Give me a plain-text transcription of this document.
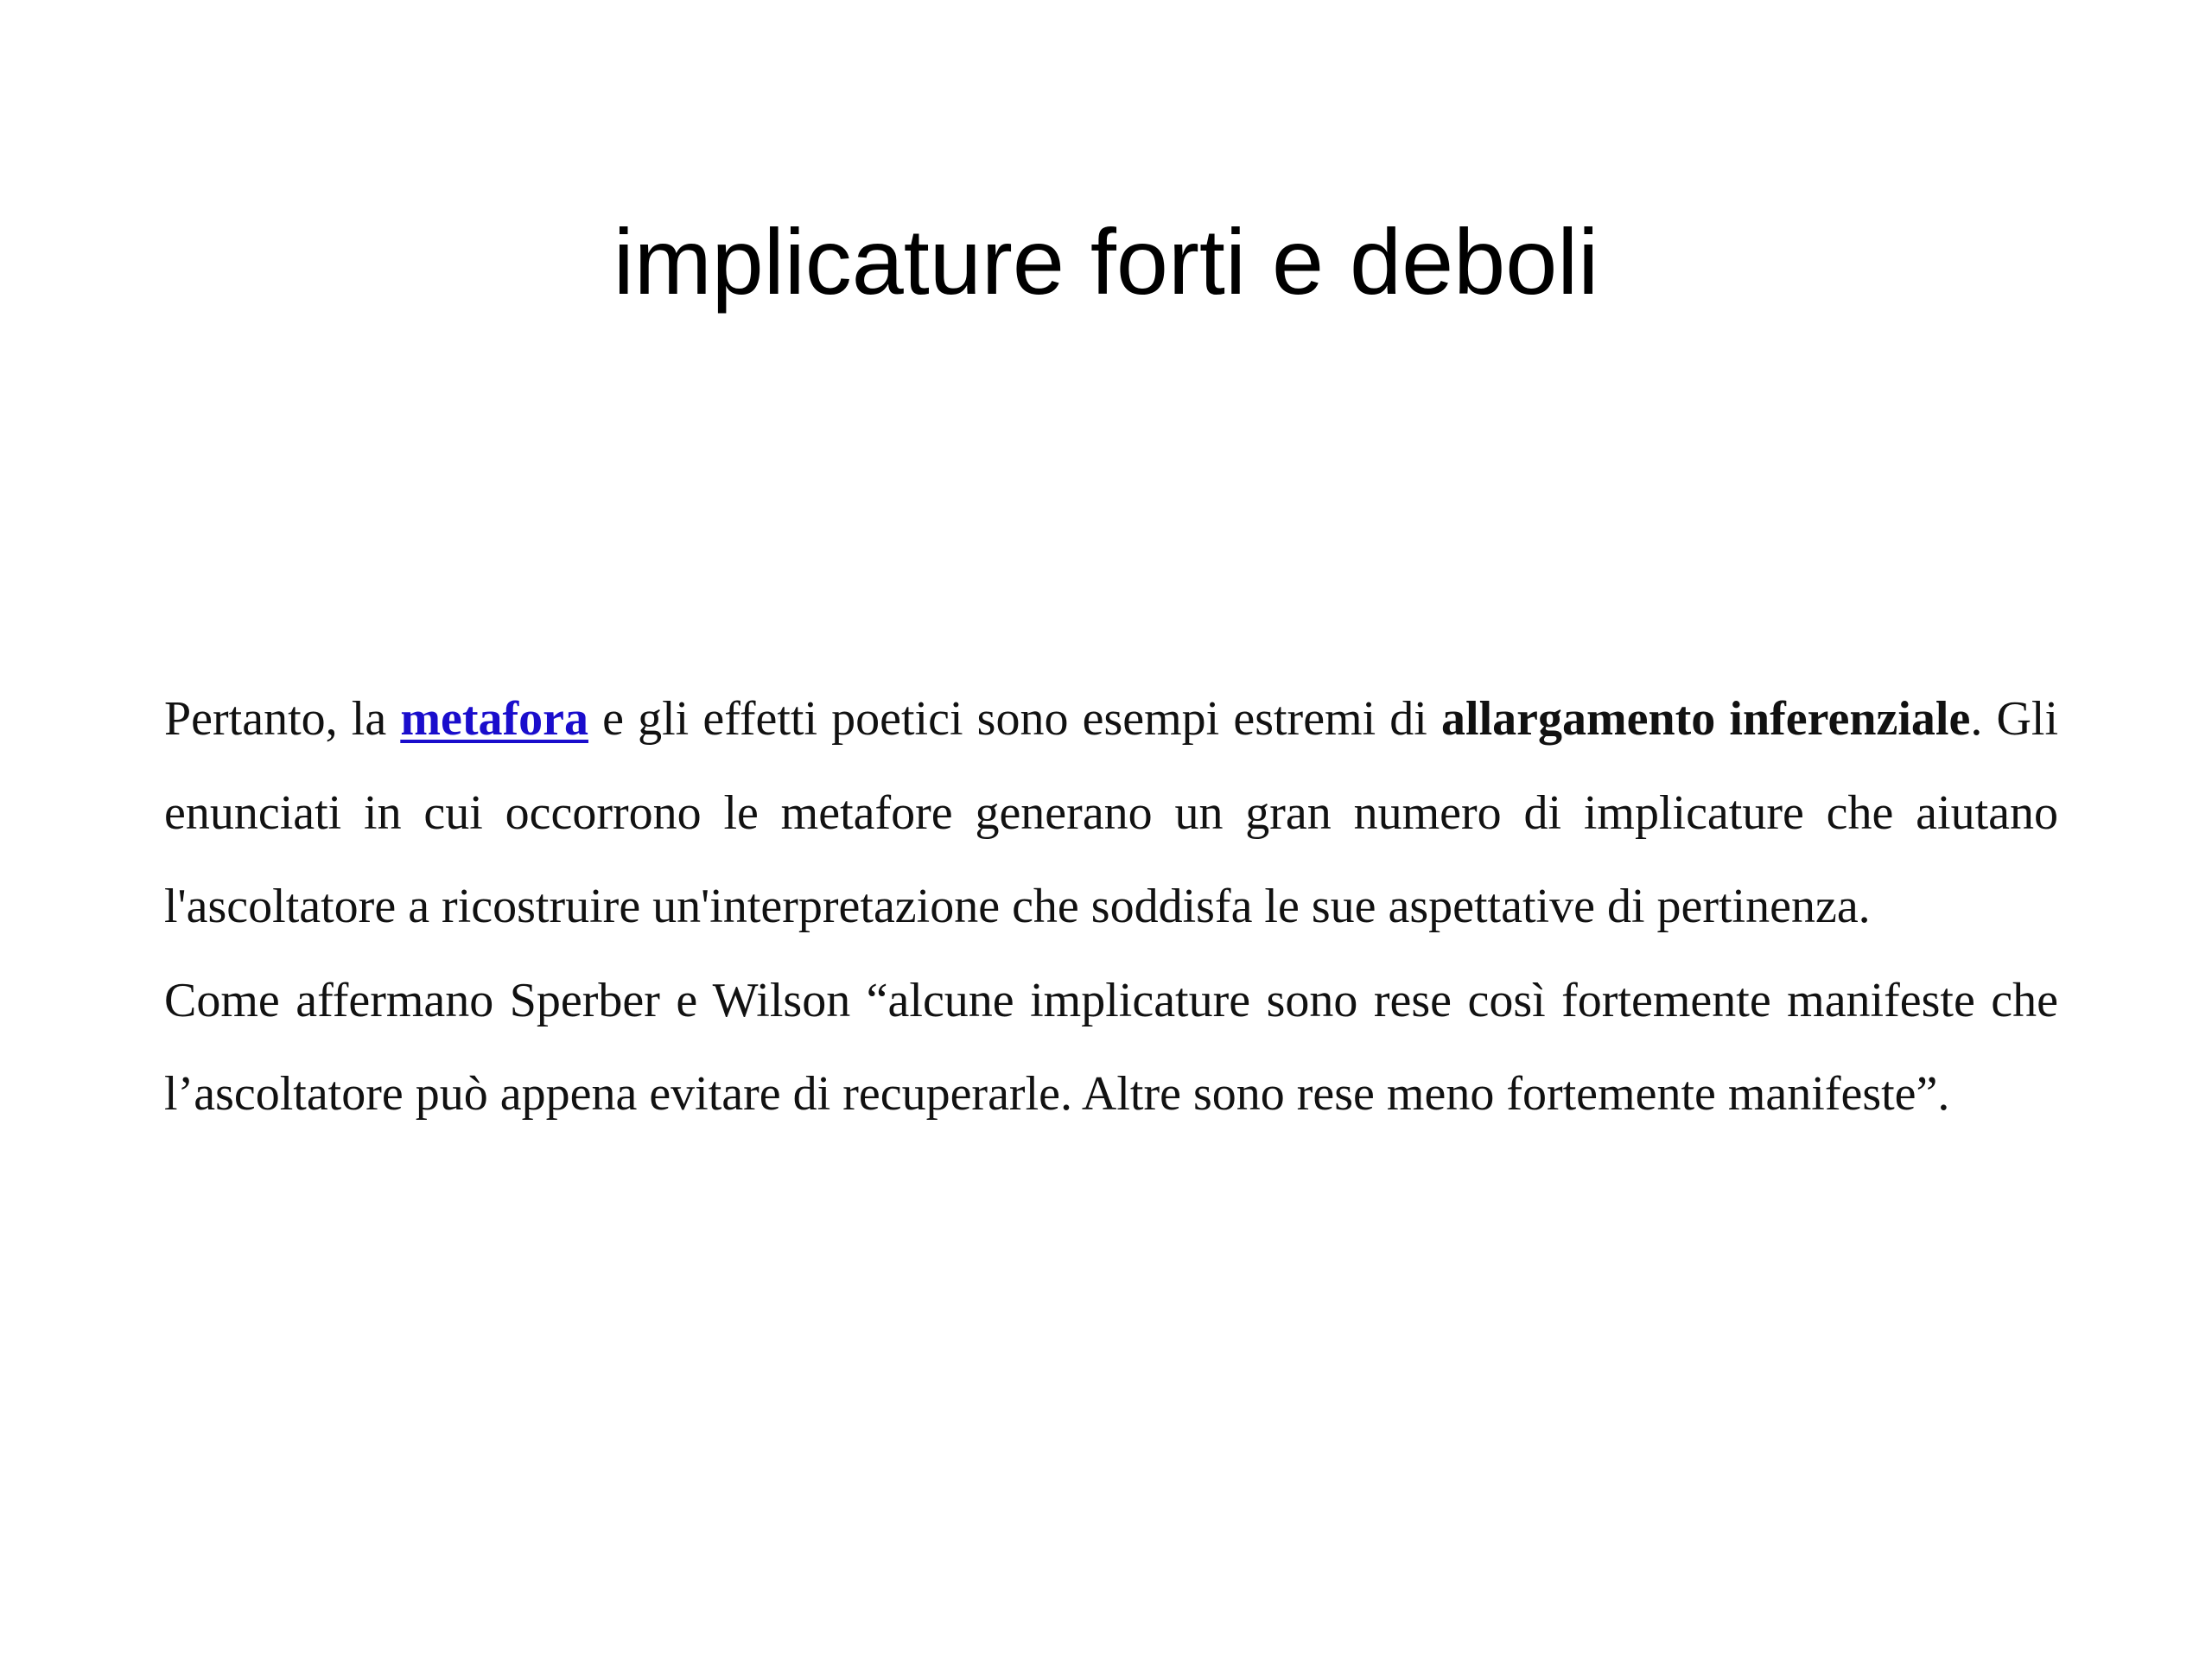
implicature forti e deboli

Pertanto, la metafora e gli effetti poetici sono esempi estremi di allargamento inferenziale. Gli enunciati in cui occorrono le metafore generano un gran numero di implicature che aiutano l'ascoltatore a ricostruire un'interpretazione che soddisfa le sue aspettative di pertinenza.

Come affermano Sperber e Wilson “alcune implicature sono rese così fortemente manifeste che l’ascoltatore può appena evitare di recuperarle. Altre sono rese meno fortemente manifeste”.
